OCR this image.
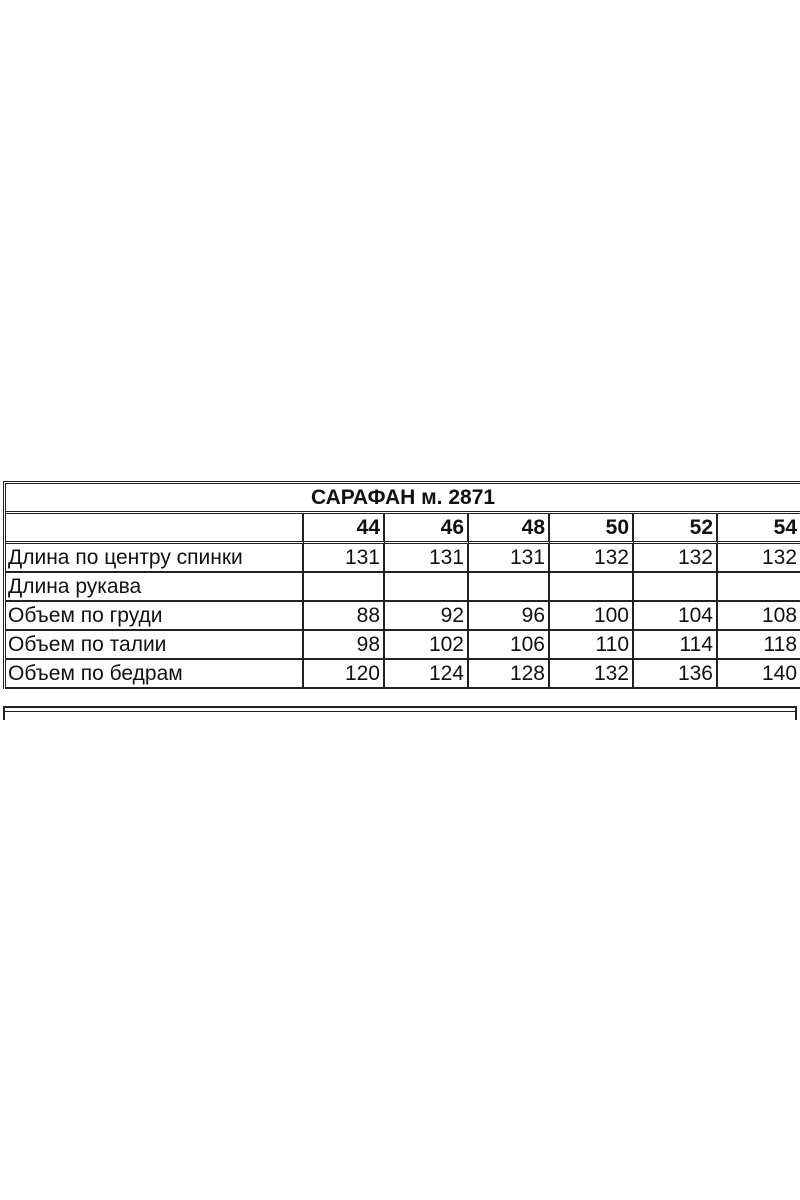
САРАФАН м. 2871						
	44	46	48	50	52	54
Длина по центру спинки	131	131	131	132	132	132
Длина рукава						
Объем по груди	88	92	96	100	104	108
Объем по талии	98	102	106	110	114	118
Объем по бедрам	120	124	128	132	136	140
